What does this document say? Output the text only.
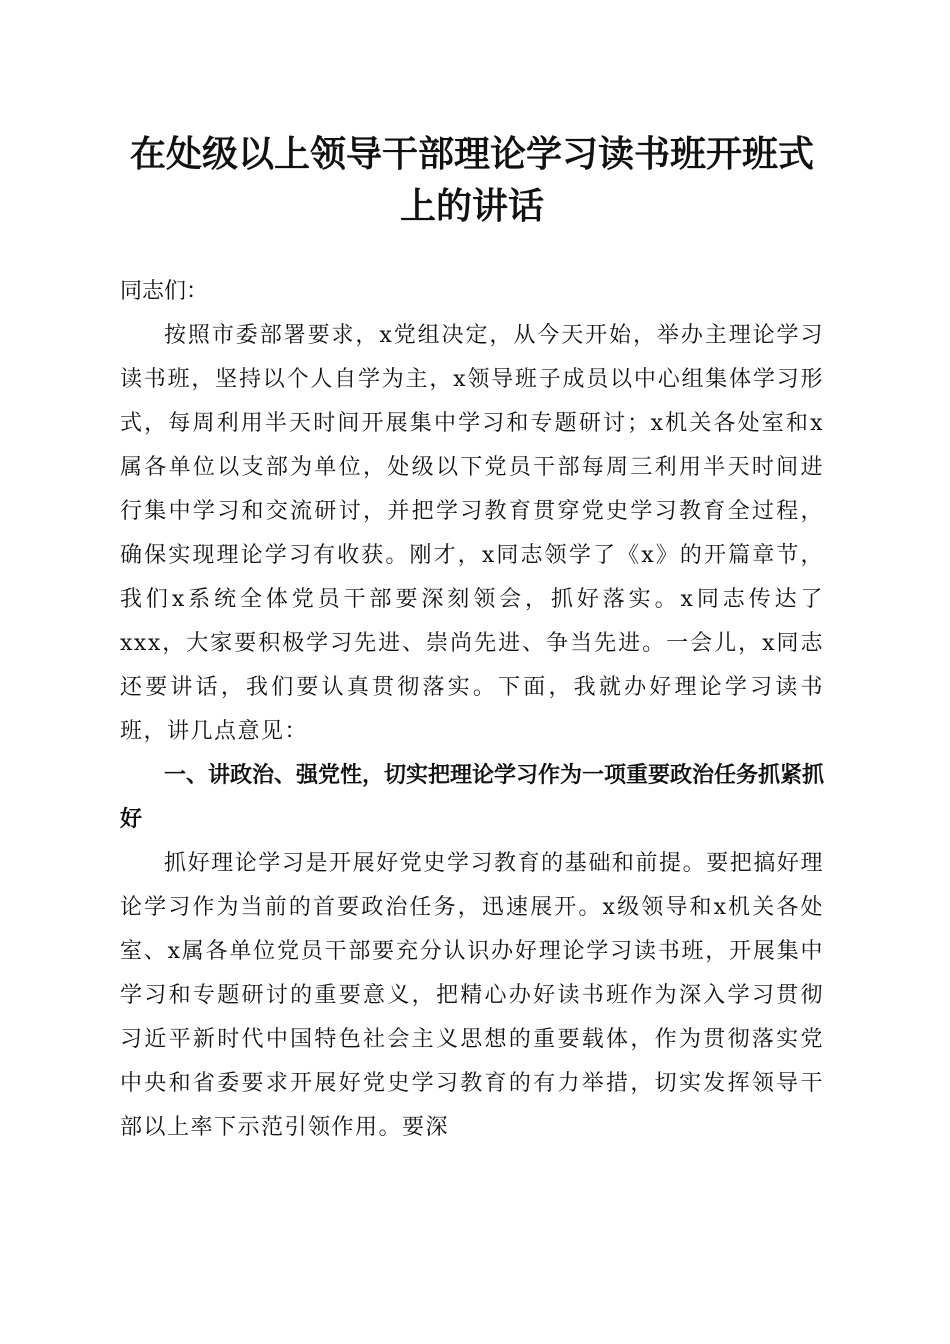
在处级以上领导干部理论学习读书班开班式上的讲话

同志们：

按照市委部署要求，x党组决定，从今天开始，举办主理论学习读书班，坚持以个人自学为主，x领导班子成员以中心组集体学习形式，每周利用半天时间开展集中学习和专题研讨；x机关各处室和x属各单位以支部为单位，处级以下党员干部每周三利用半天时间进行集中学习和交流研讨，并把学习教育贯穿党史学习教育全过程，确保实现理论学习有收获。刚才，x同志领学了《x》的开篇章节，我们x系统全体党员干部要深刻领会，抓好落实。x同志传达了xxx，大家要积极学习先进、崇尚先进、争当先进。一会儿，x同志还要讲话，我们要认真贯彻落实。下面，我就办好理论学习读书班，讲几点意见：

一、讲政治、强党性，切实把理论学习作为一项重要政治任务抓紧抓好

抓好理论学习是开展好党史学习教育的基础和前提。要把搞好理论学习作为当前的首要政治任务，迅速展开。x级领导和x机关各处室、x属各单位党员干部要充分认识办好理论学习读书班，开展集中学习和专题研讨的重要意义，把精心办好读书班作为深入学习贯彻习近平新时代中国特色社会主义思想的重要载体，作为贯彻落实党中央和省委要求开展好党史学习教育的有力举措，切实发挥领导干部以上率下示范引领作用。要深
